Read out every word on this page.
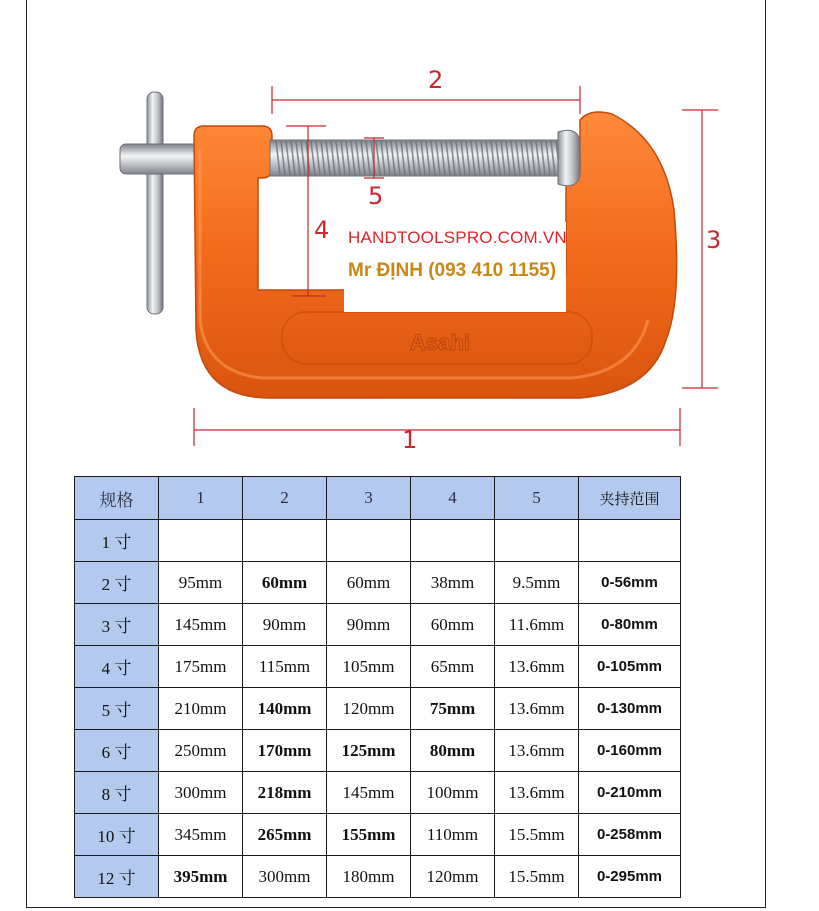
Asahi
2
1
3
4
5
HANDTOOLSPRO.COM.VN
Mr ĐỊNH (093 410 1155)
规格	1	2	3	4	5	夹持范围
1 寸						
2 寸	95mm	60mm	60mm	38mm	9.5mm	0-56mm
3 寸	145mm	90mm	90mm	60mm	11.6mm	0-80mm
4 寸	175mm	115mm	105mm	65mm	13.6mm	0-105mm
5 寸	210mm	140mm	120mm	75mm	13.6mm	0-130mm
6 寸	250mm	170mm	125mm	80mm	13.6mm	0-160mm
8 寸	300mm	218mm	145mm	100mm	13.6mm	0-210mm
10 寸	345mm	265mm	155mm	110mm	15.5mm	0-258mm
12 寸	395mm	300mm	180mm	120mm	15.5mm	0-295mm
